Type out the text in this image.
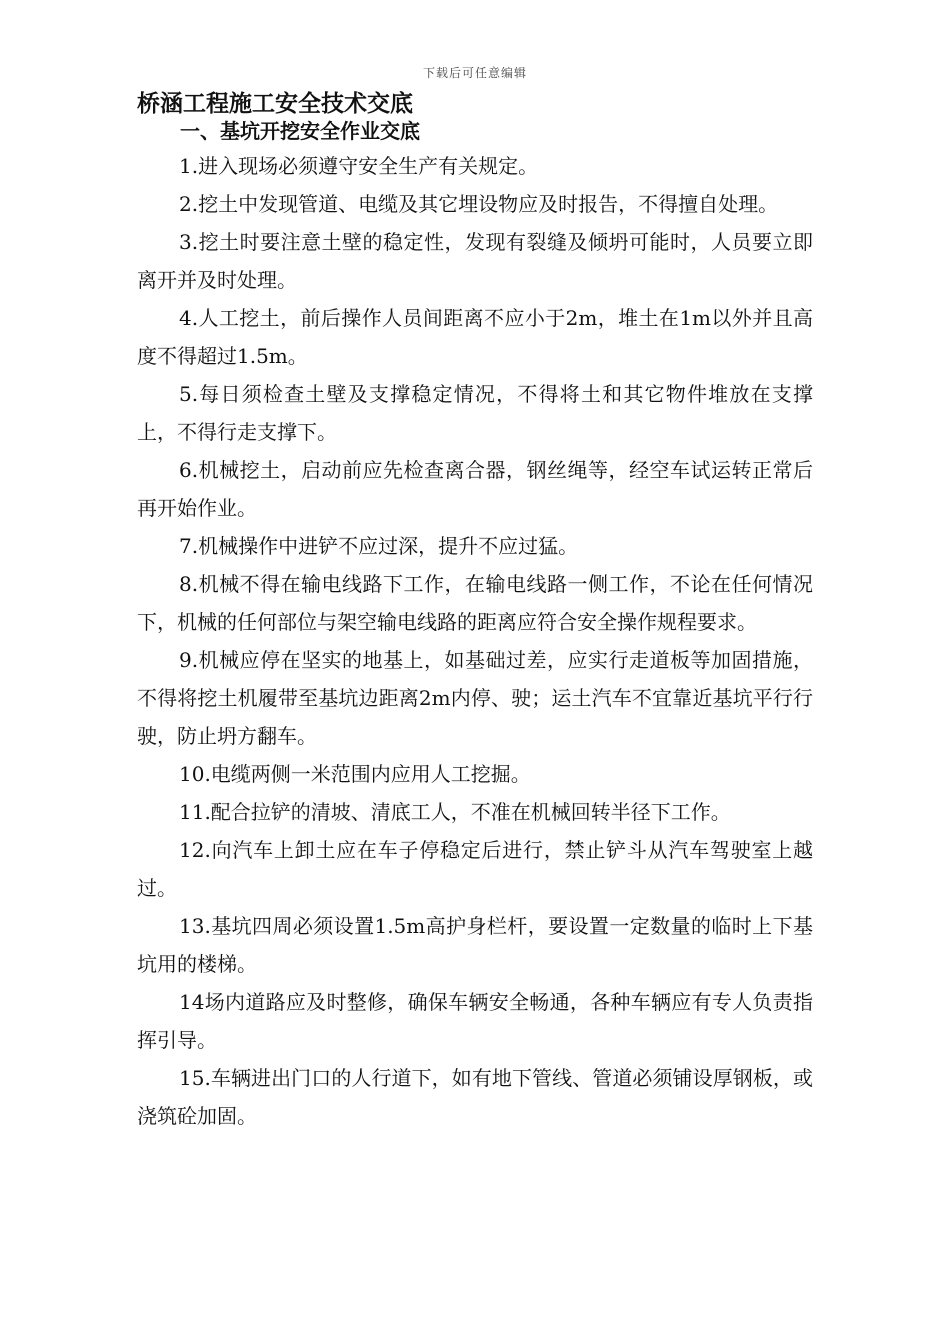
下载后可任意编辑
桥涵工程施工安全技术交底
一、基坑开挖安全作业交底

1.进入现场必须遵守安全生产有关规定。

2.挖土中发现管道、电缆及其它埋设物应及时报告，不得擅自处理。

3.挖土时要注意土壁的稳定性，发现有裂缝及倾坍可能时，人员要立即离开并及时处理。

4.人工挖土，前后操作人员间距离不应小于2m，堆土在1m以外并且高度不得超过1.5m。

5.每日须检查土壁及支撑稳定情况，不得将土和其它物件堆放在支撑上，不得行走支撑下。

6.机械挖土，启动前应先检查离合器，钢丝绳等，经空车试运转正常后再开始作业。

7.机械操作中进铲不应过深，提升不应过猛。

8.机械不得在输电线路下工作，在输电线路一侧工作，不论在任何情况下，机械的任何部位与架空输电线路的距离应符合安全操作规程要求。

9.机械应停在坚实的地基上，如基础过差，应实行走道板等加固措施，不得将挖土机履带至基坑边距离2m内停、驶；运土汽车不宜靠近基坑平行行驶，防止坍方翻车。

10.电缆两侧一米范围内应用人工挖掘。

11.配合拉铲的清坡、清底工人，不准在机械回转半径下工作。

12.向汽车上卸土应在车子停稳定后进行，禁止铲斗从汽车驾驶室上越过。

13.基坑四周必须设置1.5m高护身栏杆，要设置一定数量的临时上下基坑用的楼梯。

14场内道路应及时整修，确保车辆安全畅通，各种车辆应有专人负责指挥引导。

15.车辆进出门口的人行道下，如有地下管线、管道必须铺设厚钢板，或浇筑砼加固。
